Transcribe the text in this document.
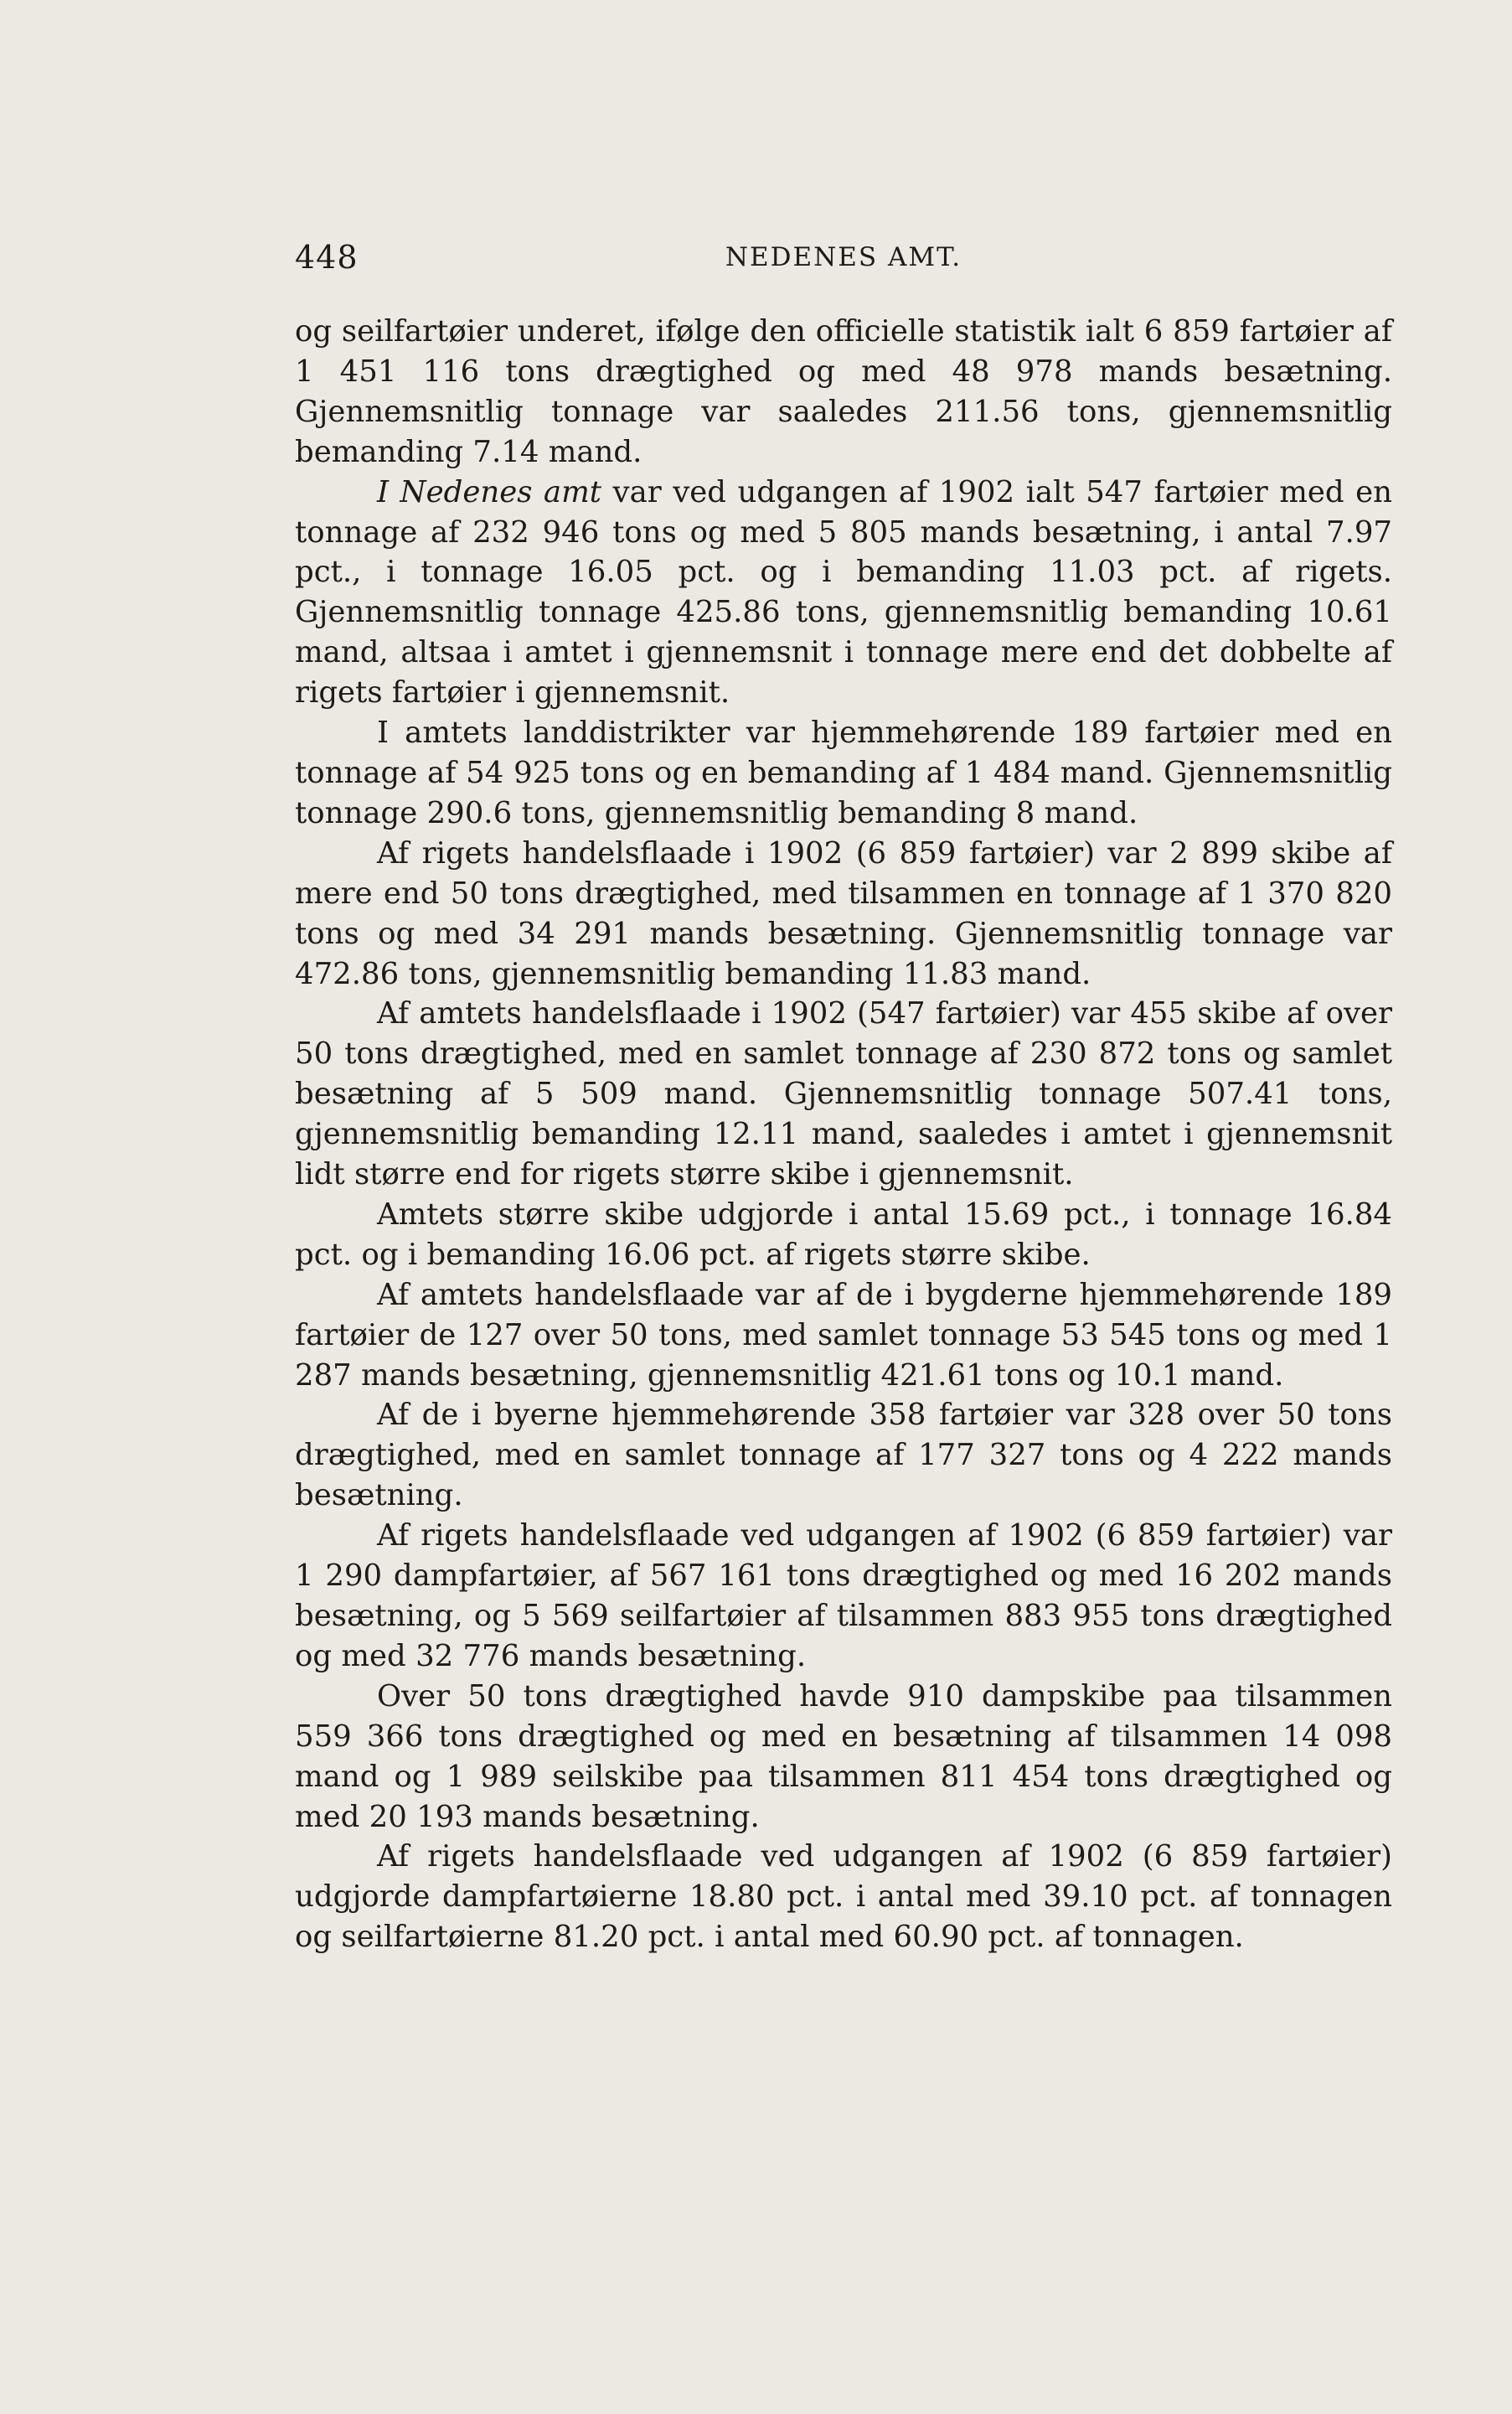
448	NEDENES AMT.

og seilfartøier underet, ifølge den officielle statistik ialt 6 859 fartøier af 1 451 116 tons drægtighed og med 48 978 mands besætning. Gjennemsnitlig tonnage var saaledes 211.56 tons, gjennemsnitlig bemanding 7.14 mand.

I Nedenes amt var ved udgangen af 1902 ialt 547 fartøier med en tonnage af 232 946 tons og med 5 805 mands besætning, i antal 7.97 pct., i tonnage 16.05 pct. og i bemanding 11.03 pct. af rigets. Gjennemsnitlig tonnage 425.86 tons, gjennemsnitlig bemanding 10.61 mand, altsaa i amtet i gjennemsnit i tonnage mere end det dobbelte af rigets fartøier i gjennemsnit.

I amtets landdistrikter var hjemmehørende 189 fartøier med en tonnage af 54 925 tons og en bemanding af 1 484 mand. Gjennemsnitlig tonnage 290.6 tons, gjennemsnitlig bemanding 8 mand.

Af rigets handelsflaade i 1902 (6 859 fartøier) var 2 899 skibe af mere end 50 tons drægtighed, med tilsammen en tonnage af 1 370 820 tons og med 34 291 mands besætning. Gjennemsnitlig tonnage var 472.86 tons, gjennemsnitlig bemanding 11.83 mand.

Af amtets handelsflaade i 1902 (547 fartøier) var 455 skibe af over 50 tons drægtighed, med en samlet tonnage af 230 872 tons og samlet besætning af 5 509 mand. Gjennemsnitlig tonnage 507.41 tons, gjennemsnitlig bemanding 12.11 mand, saaledes i amtet i gjennemsnit lidt større end for rigets større skibe i gjennemsnit.

Amtets større skibe udgjorde i antal 15.69 pct., i tonnage 16.84 pct. og i bemanding 16.06 pct. af rigets større skibe.

Af amtets handelsflaade var af de i bygderne hjemmehørende 189 fartøier de 127 over 50 tons, med samlet tonnage 53 545 tons og med 1 287 mands besætning, gjennemsnitlig 421.61 tons og 10.1 mand.

Af de i byerne hjemmehørende 358 fartøier var 328 over 50 tons drægtighed, med en samlet tonnage af 177 327 tons og 4 222 mands besætning.

Af rigets handelsflaade ved udgangen af 1902 (6 859 fartøier) var 1 290 dampfartøier, af 567 161 tons drægtighed og med 16 202 mands besætning, og 5 569 seilfartøier af tilsammen 883 955 tons drægtighed og med 32 776 mands besætning.

Over 50 tons drægtighed havde 910 dampskibe paa tilsammen 559 366 tons drægtighed og med en besætning af tilsammen 14 098 mand og 1 989 seilskibe paa tilsammen 811 454 tons drægtighed og med 20 193 mands besætning.

Af rigets handelsflaade ved udgangen af 1902 (6 859 fartøier) udgjorde dampfartøierne 18.80 pct. i antal med 39.10 pct. af tonnagen og seilfartøierne 81.20 pct. i antal med 60.90 pct. af tonnagen.
